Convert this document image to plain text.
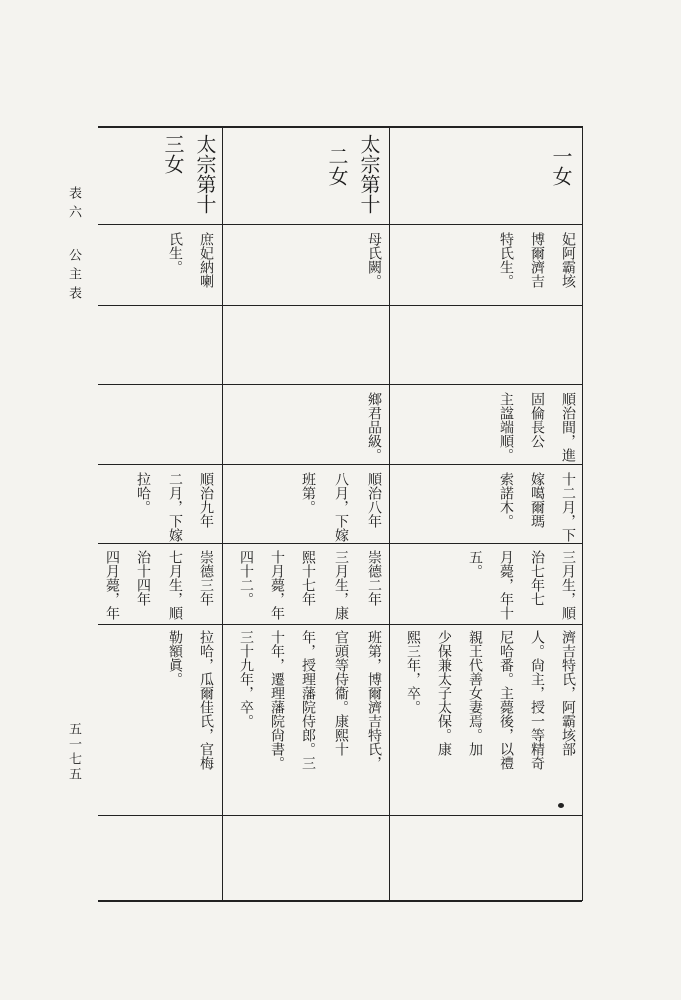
表六
公主表
五一七五
一女
妃阿霸垓
博爾濟吉
特氏生。
順治間，進
固倫長公
主諡端順。
十二月，下
嫁噶爾瑪
索諾木。
三月生，順
治七年七
月薨，年十
五。
濟吉特氏，阿霸垓部
人。尙主，授一等精奇
尼哈番。主薨後，以禮
親王代善女妻焉。加
少保兼太子太保。康
熙三年，卒。
太宗第十
二女
母氏闕。
鄉君品級。
順治八年
八月，下嫁
班第。
崇德二年
三月生，康
熙十七年
十月薨，年
四十二。
班第，博爾濟吉特氏，
官頭等侍衞。康熙十
年，授理藩院侍郎。三
十年，遷理藩院尙書。
三十九年，卒。
太宗第十
三女
庶妃納喇
氏生。
順治九年
二月，下嫁
拉哈。
崇德三年
七月生，順
治十四年
四月薨，年
拉哈，瓜爾佳氏，官梅
勒額眞。
